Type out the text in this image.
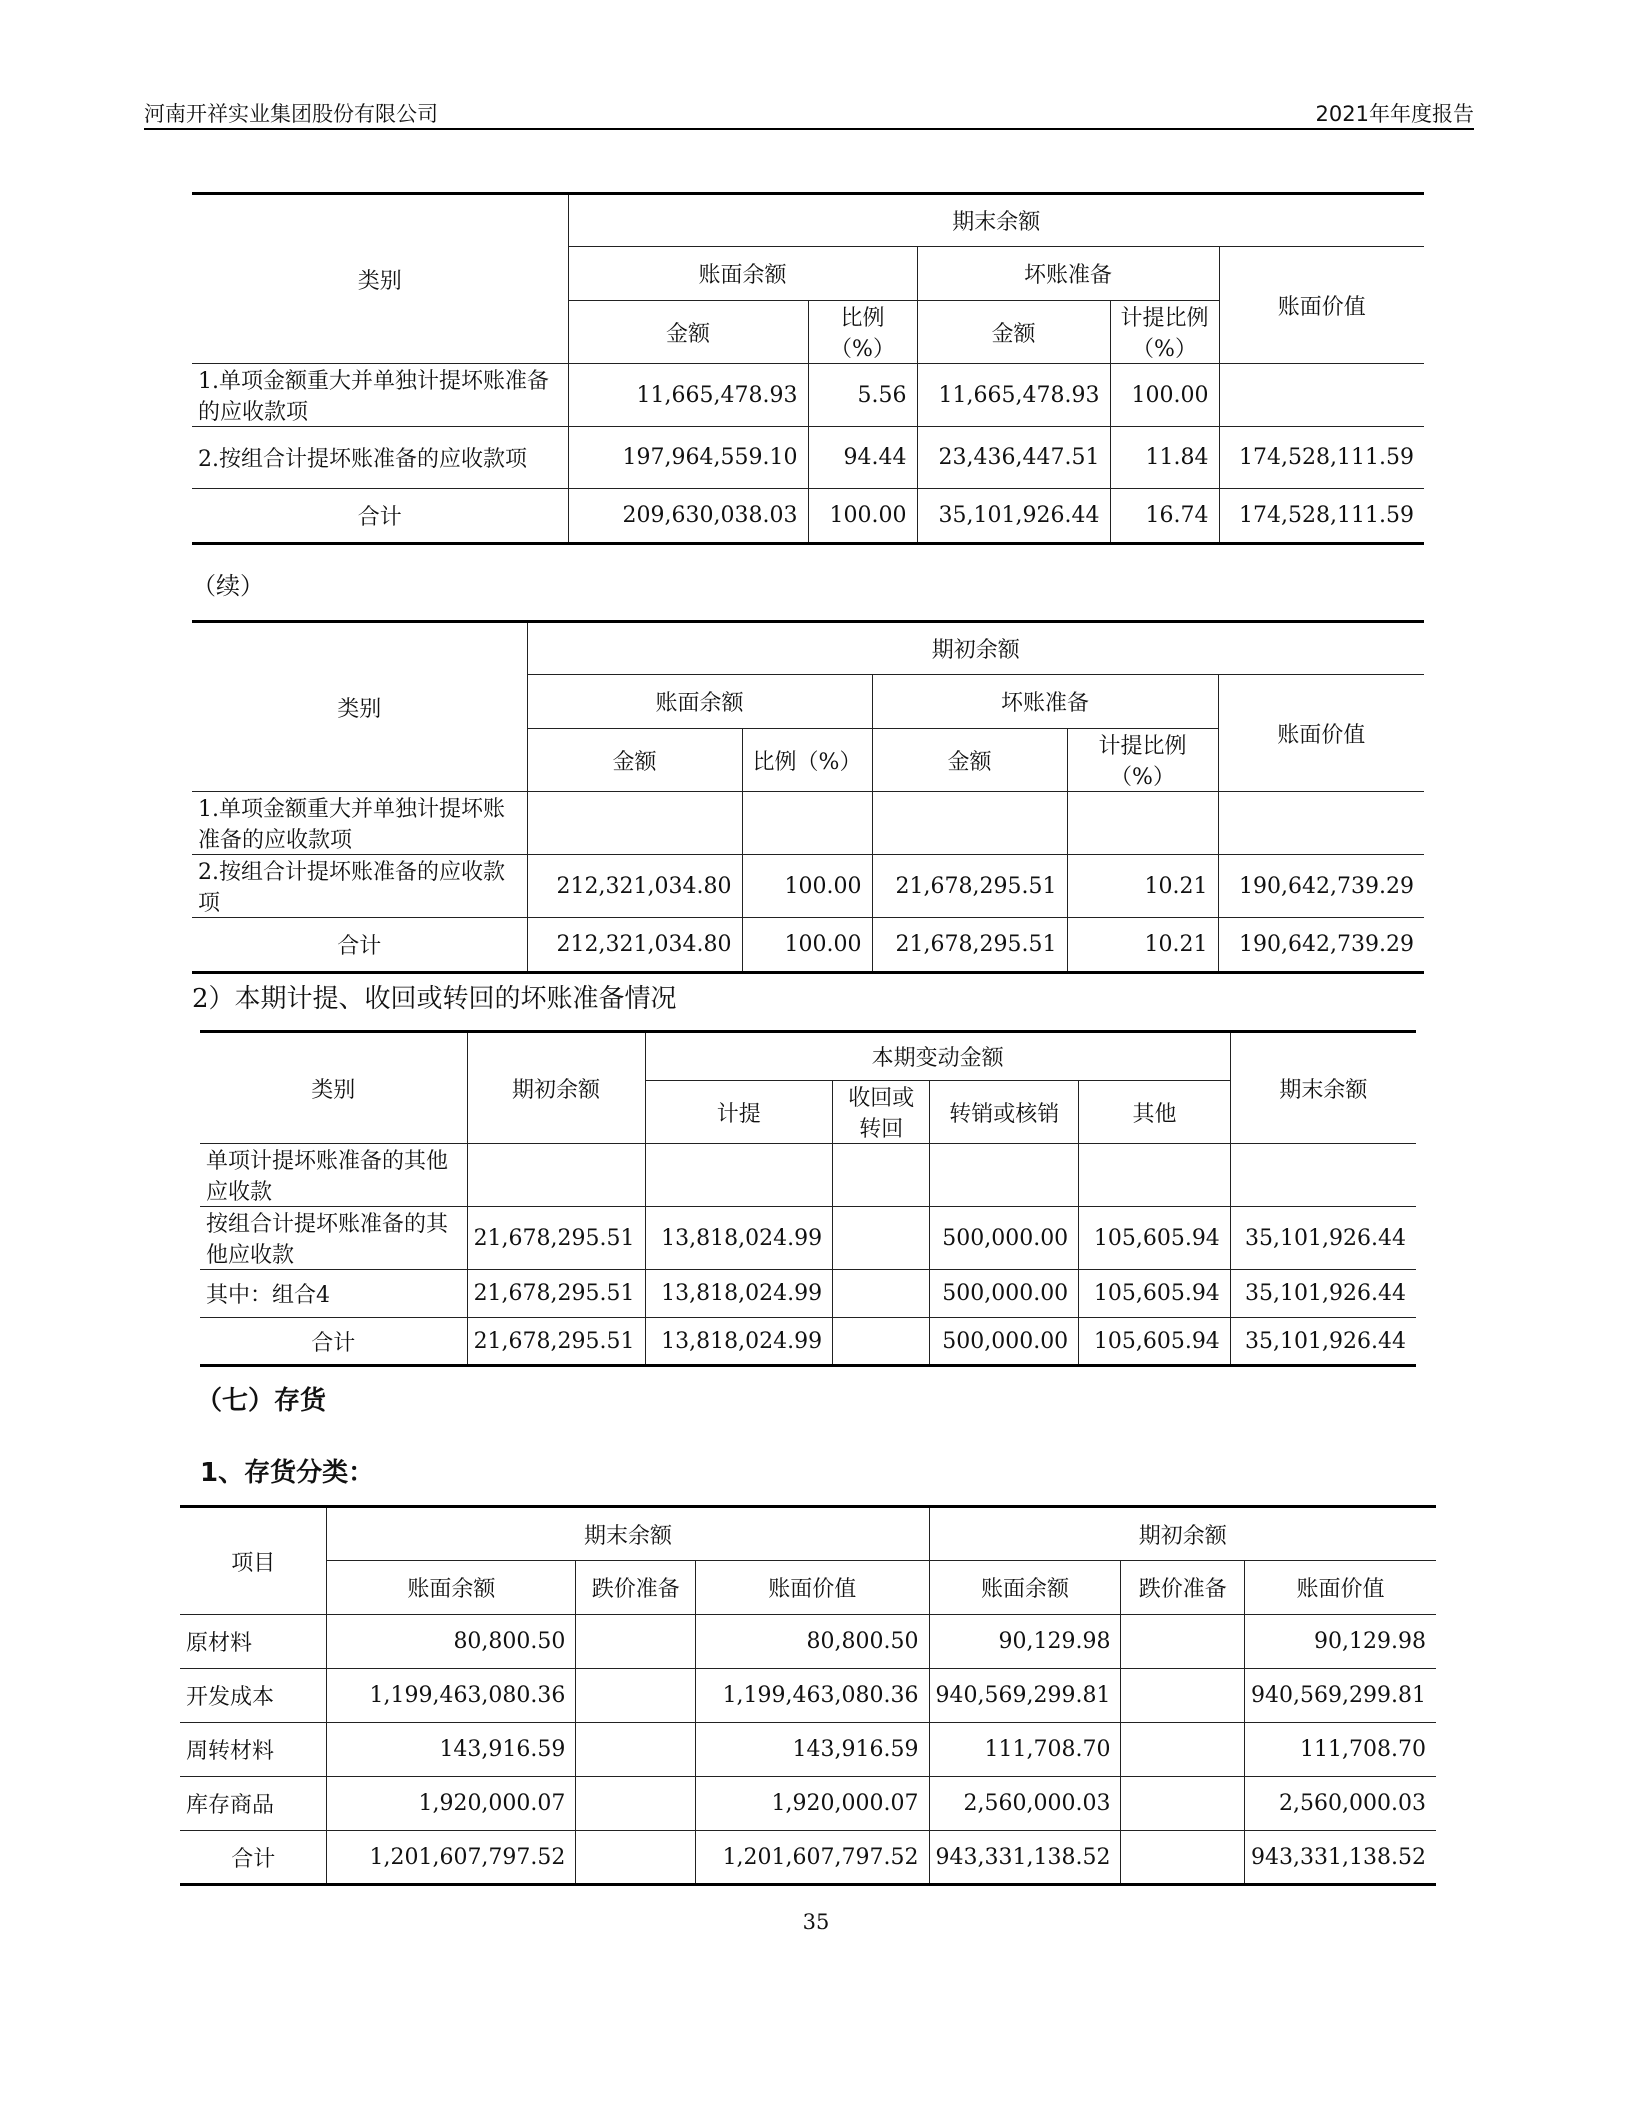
河南开祥实业集团股份有限公司	2021年年度报告
类别	期末余额				
	账面余额		坏账准备		账面价值
	金额	比例（%）	金额	计提比例（%）	
1.单项金额重大并单独计提坏账准备的应收款项	11,665,478.93	5.56	11,665,478.93	100.00	
2.按组合计提坏账准备的应收款项	197,964,559.10	94.44	23,436,447.51	11.84	174,528,111.59
合计	209,630,038.03	100.00	35,101,926.44	16.74	174,528,111.59
（续）
类别	期初余额				
	账面余额		坏账准备		账面价值
	金额	比例（%）	金额	计提比例（%）	
1.单项金额重大并单独计提坏账准备的应收款项					
2.按组合计提坏账准备的应收款项	212,321,034.80	100.00	21,678,295.51	10.21	190,642,739.29
合计	212,321,034.80	100.00	21,678,295.51	10.21	190,642,739.29
2）本期计提、收回或转回的坏账准备情况
类别	期初余额	本期变动金额				期末余额
		计提	收回或转回	转销或核销	其他	
单项计提坏账准备的其他应收款						
按组合计提坏账准备的其他应收款	21,678,295.51	13,818,024.99		500,000.00	105,605.94	35,101,926.44
其中：组合4	21,678,295.51	13,818,024.99		500,000.00	105,605.94	35,101,926.44
合计	21,678,295.51	13,818,024.99		500,000.00	105,605.94	35,101,926.44
（七）存货
1、存货分类：
项目	期末余额			期初余额		
	账面余额	跌价准备	账面价值	账面余额	跌价准备	账面价值
原材料	80,800.50		80,800.50	90,129.98		90,129.98
开发成本	1,199,463,080.36		1,199,463,080.36	940,569,299.81		940,569,299.81
周转材料	143,916.59		143,916.59	111,708.70		111,708.70
库存商品	1,920,000.07		1,920,000.07	2,560,000.03		2,560,000.03
合计	1,201,607,797.52		1,201,607,797.52	943,331,138.52		943,331,138.52
35
